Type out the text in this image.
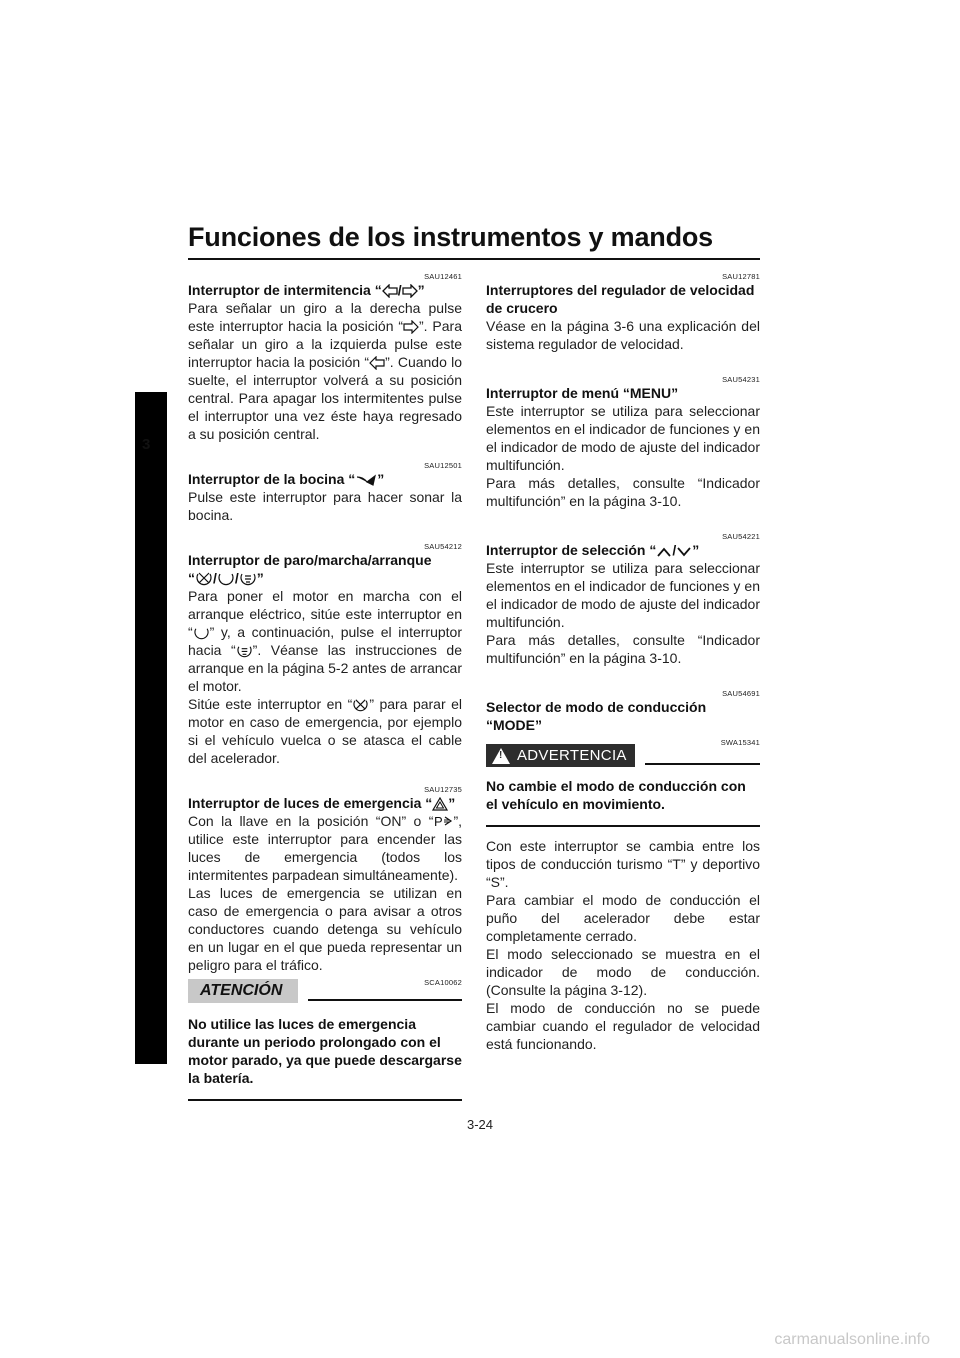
Funciones de los instrumentos y mandos
3
SAU12461
Interruptor de intermitencia “ / ”
Para señalar un giro a la derecha pulse este interruptor hacia la posición “ ”. Para señalar un giro a la izquierda pulse este interruptor hacia la posición “ ”. Cuando lo suelte, el interruptor volverá a su posición central. Para apagar los intermitentes pulse el interruptor una vez éste haya regresado a su posición central.
SAU12501
Interruptor de la bocina “ ”
Pulse este interruptor para hacer sonar la bocina.
SAU54212
Interruptor de paro/marcha/arranque
“ / / ”

Para poner el motor en marcha con el arranque eléctrico, sitúe este interruptor en “ ” y, a continuación, pulse el interruptor hacia “ ”. Véanse las instrucciones de arranque en la página 5-2 antes de arrancar el motor.

Sitúe este interruptor en “ ” para parar el motor en caso de emergencia, por ejemplo si el vehículo vuelca o se atasca el cable del acelerador.

SAU12735
Interruptor de luces de emergencia “ ”

Con la llave en la posición “ON” o “ P ”, utilice este interruptor para encender las luces de emergencia (todos los intermitentes parpadean simultáneamente).

Las luces de emergencia se utilizan en caso de emergencia o para avisar a otros conductores cuando detenga su vehículo en un lugar en el que pueda representar un peligro para el tráfico.

SCA10062
ATENCIÓN
No utilice las luces de emergencia durante un periodo prolongado con el motor parado, ya que puede descargarse la batería.
SAU12781
Interruptores del regulador de velocidad de crucero
Véase en la página 3-6 una explicación del sistema regulador de velocidad.
SAU54231
Interruptor de menú “MENU”

Este interruptor se utiliza para seleccionar elementos en el indicador de funciones y en el indicador de modo de ajuste del indicador multifunción.

Para más detalles, consulte “Indicador multifunción” en la página 3-10.

SAU54221
Interruptor de selección “ / ”

Este interruptor se utiliza para seleccionar elementos en el indicador de funciones y en el indicador de modo de ajuste del indicador multifunción.

Para más detalles, consulte “Indicador multifunción” en la página 3-10.

SAU54691
Selector de modo de conducción “MODE”
SWA15341
! ADVERTENCIA
No cambie el modo de conducción con el vehículo en movimiento.

Con este interruptor se cambia entre los tipos de conducción turismo “T” y deportivo “S”.

Para cambiar el modo de conducción el puño del acelerador debe estar completamente cerrado.

El modo seleccionado se muestra en el indicador de modo de conducción. (Consulte la página 3-12).

El modo de conducción no se puede cambiar cuando el regulador de velocidad está funcionando.

3-24
carmanualsonline.info
